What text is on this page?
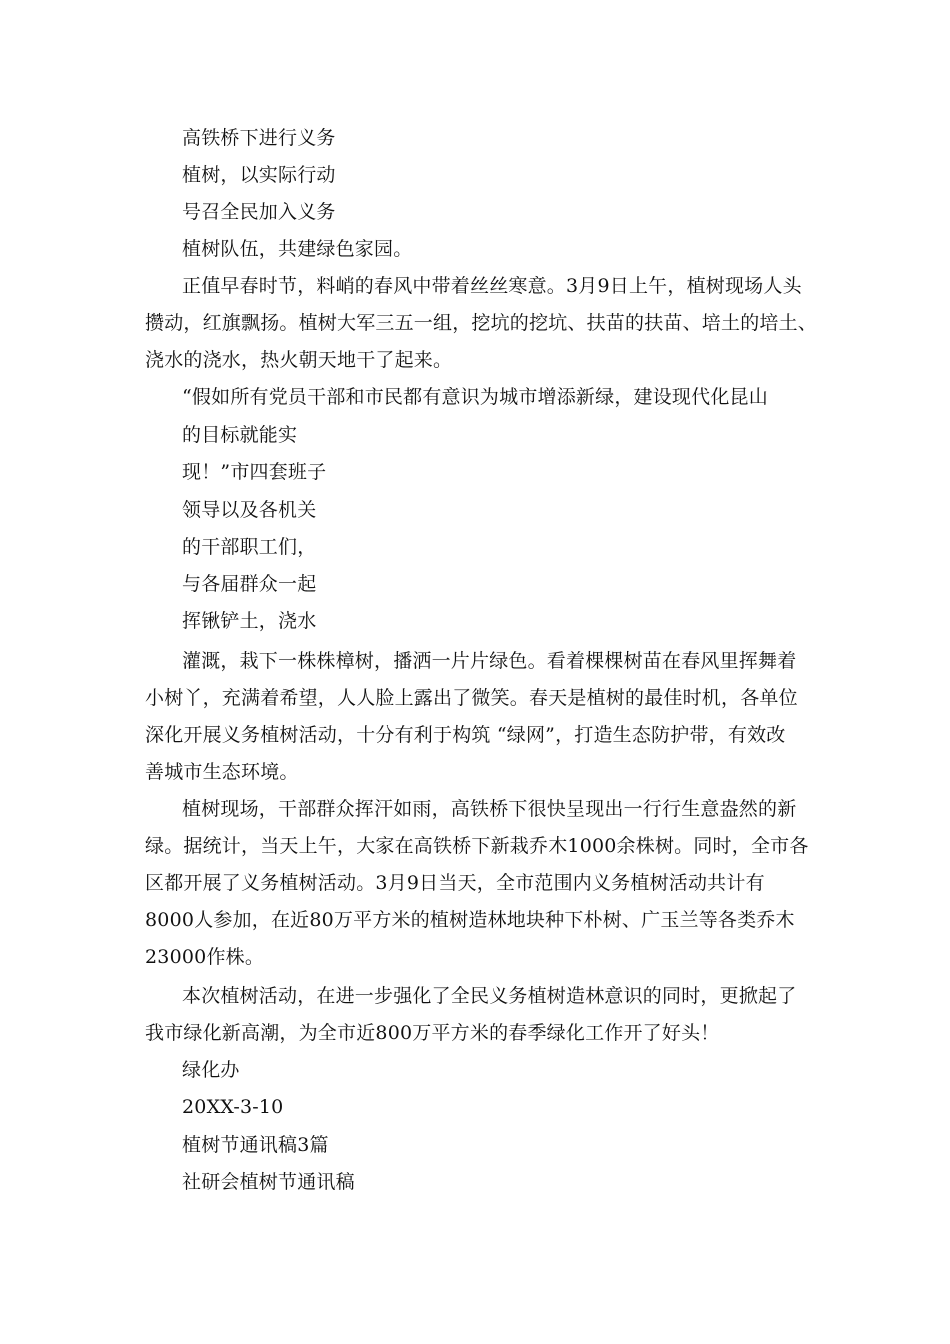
高铁桥下进行义务
植树，以实际行动
号召全民加入义务
植树队伍，共建绿色家园。
正值早春时节，料峭的春风中带着丝丝寒意。3月9日上午，植树现场人头
攒动，红旗飘扬。植树大军三五一组，挖坑的挖坑、扶苗的扶苗、培土的培土、
浇水的浇水，热火朝天地干了起来。
“假如所有党员干部和市民都有意识为城市增添新绿，建设现代化昆山
的目标就能实
现！”市四套班子
领导以及各机关
的干部职工们，
与各届群众一起
挥锹铲土，浇水
灌溉，栽下一株株樟树，播洒一片片绿色。看着棵棵树苗在春风里挥舞着
小树丫，充满着希望，人人脸上露出了微笑。春天是植树的最佳时机，各单位
深化开展义务植树活动，十分有利于构筑 “绿网”，打造生态防护带，有效改
善城市生态环境。
植树现场，干部群众挥汗如雨，高铁桥下很快呈现出一行行生意盎然的新
绿。据统计，当天上午，大家在高铁桥下新栽乔木1000余株树。同时，全市各
区都开展了义务植树活动。3月9日当天，全市范围内义务植树活动共计有
8000人参加，在近80万平方米的植树造林地块种下朴树、广玉兰等各类乔木
23000作株。
本次植树活动，在进一步强化了全民义务植树造林意识的同时，更掀起了
我市绿化新高潮，为全市近800万平方米的春季绿化工作开了好头！
绿化办
20XX-3-10
植树节通讯稿3篇
社研会植树节通讯稿
